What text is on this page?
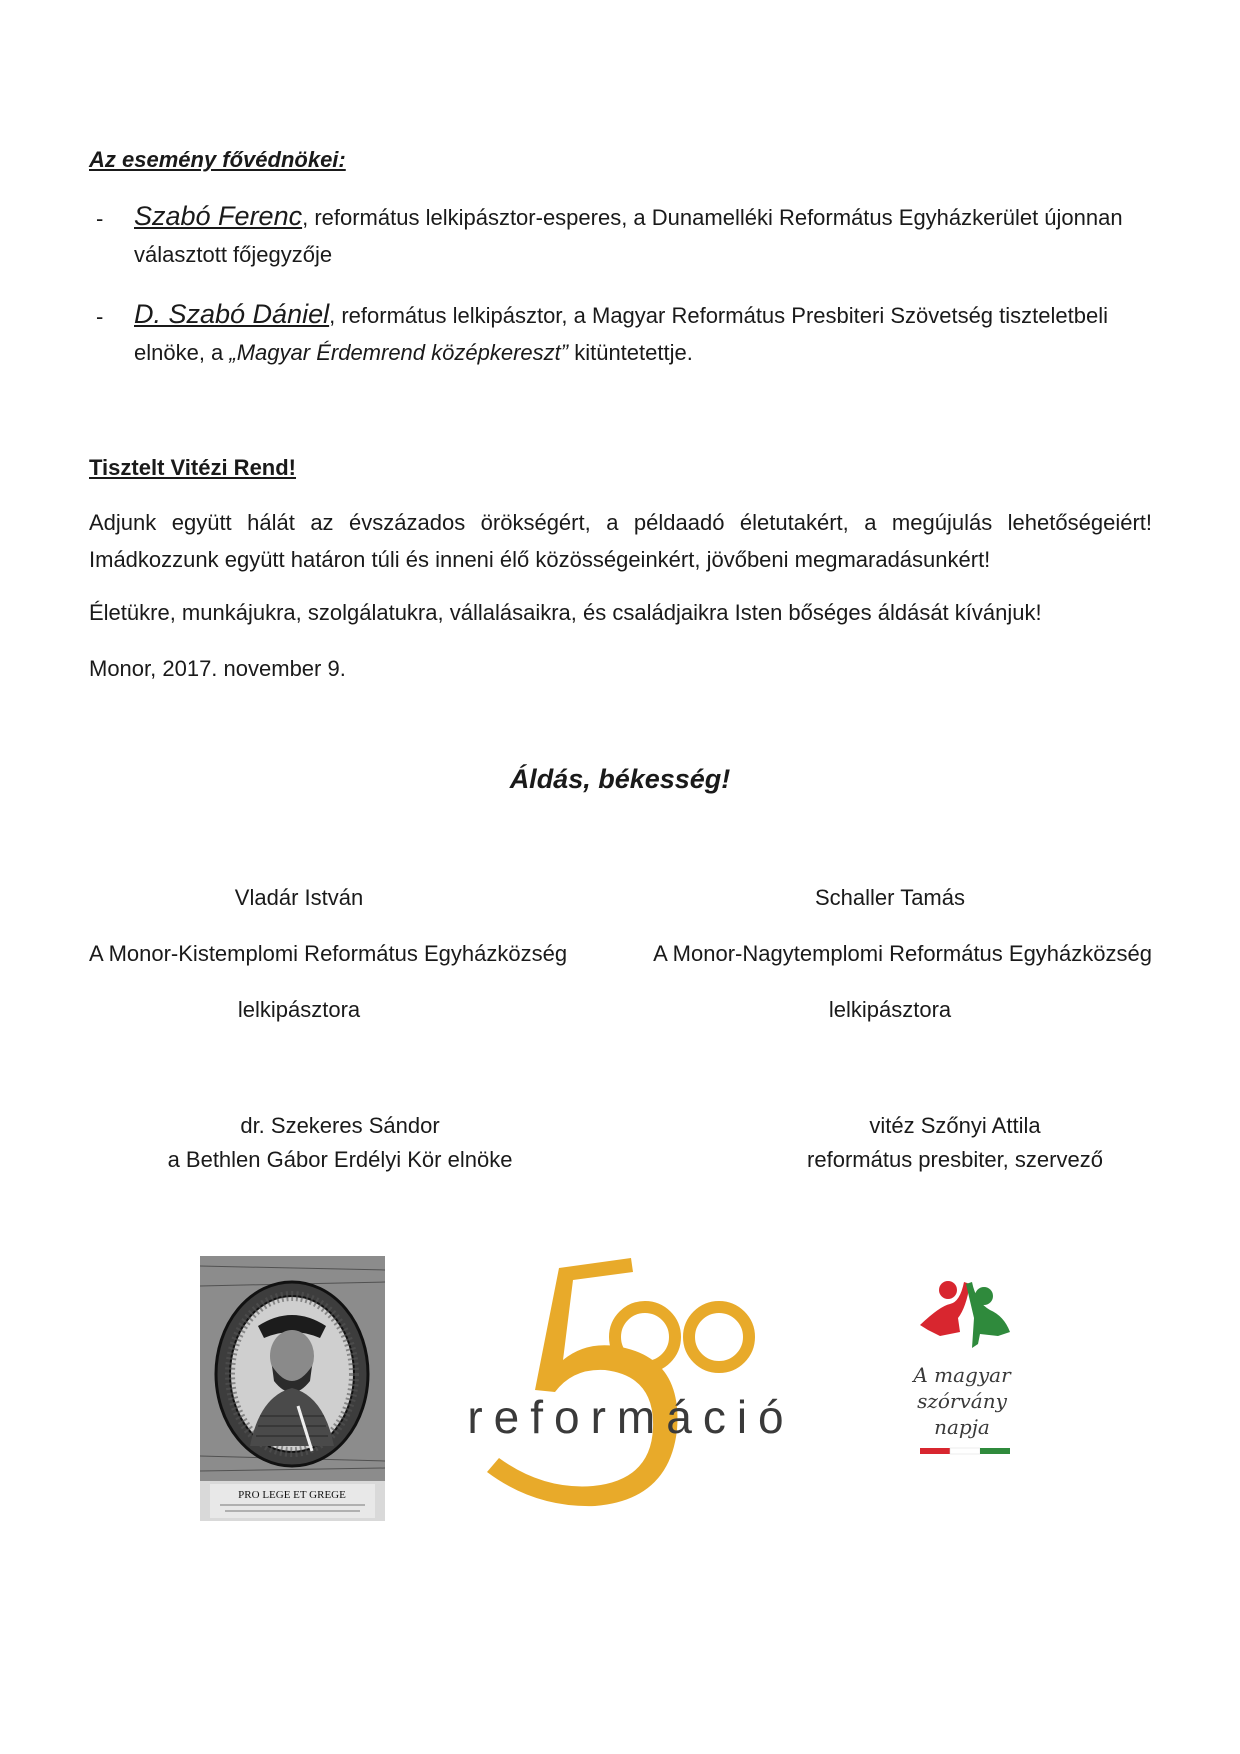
Az esemény fővédnökei:
- Szabó Ferenc, református lelkipásztor-esperes, a Dunamelléki Református Egyházkerület újonnan
választott főjegyzője
- D. Szabó Dániel, református lelkipásztor, a Magyar Református Presbiteri Szövetség tiszteletbeli
elnöke, a „Magyar Érdemrend középkereszt” kitüntetettje.
Tisztelt Vitézi Rend!
Adjunk együtt hálát az évszázados örökségért, a példaadó életutakért, a megújulás lehetőségeiért! Imádkozzunk együtt határon túli és inneni élő közösségeinkért, jövőbeni megmaradásunkért!
Életükre, munkájukra, szolgálatukra, vállalásaikra, és családjaikra Isten bőséges áldását kívánjuk!
Monor, 2017. november 9.
Áldás, békesség!
Vladár István
A Monor-Kistemplomi Református Egyházközség
lelkipásztora
Schaller Tamás
A Monor-Nagytemplomi Református Egyházközség
lelkipásztora
dr. Szekeres Sándor
a Bethlen Gábor Erdélyi Kör elnöke
vitéz Szőnyi Attila
református presbiter, szervező
PRO LEGE ET GREGE
reformáció
A magyar
szórvány
napja
